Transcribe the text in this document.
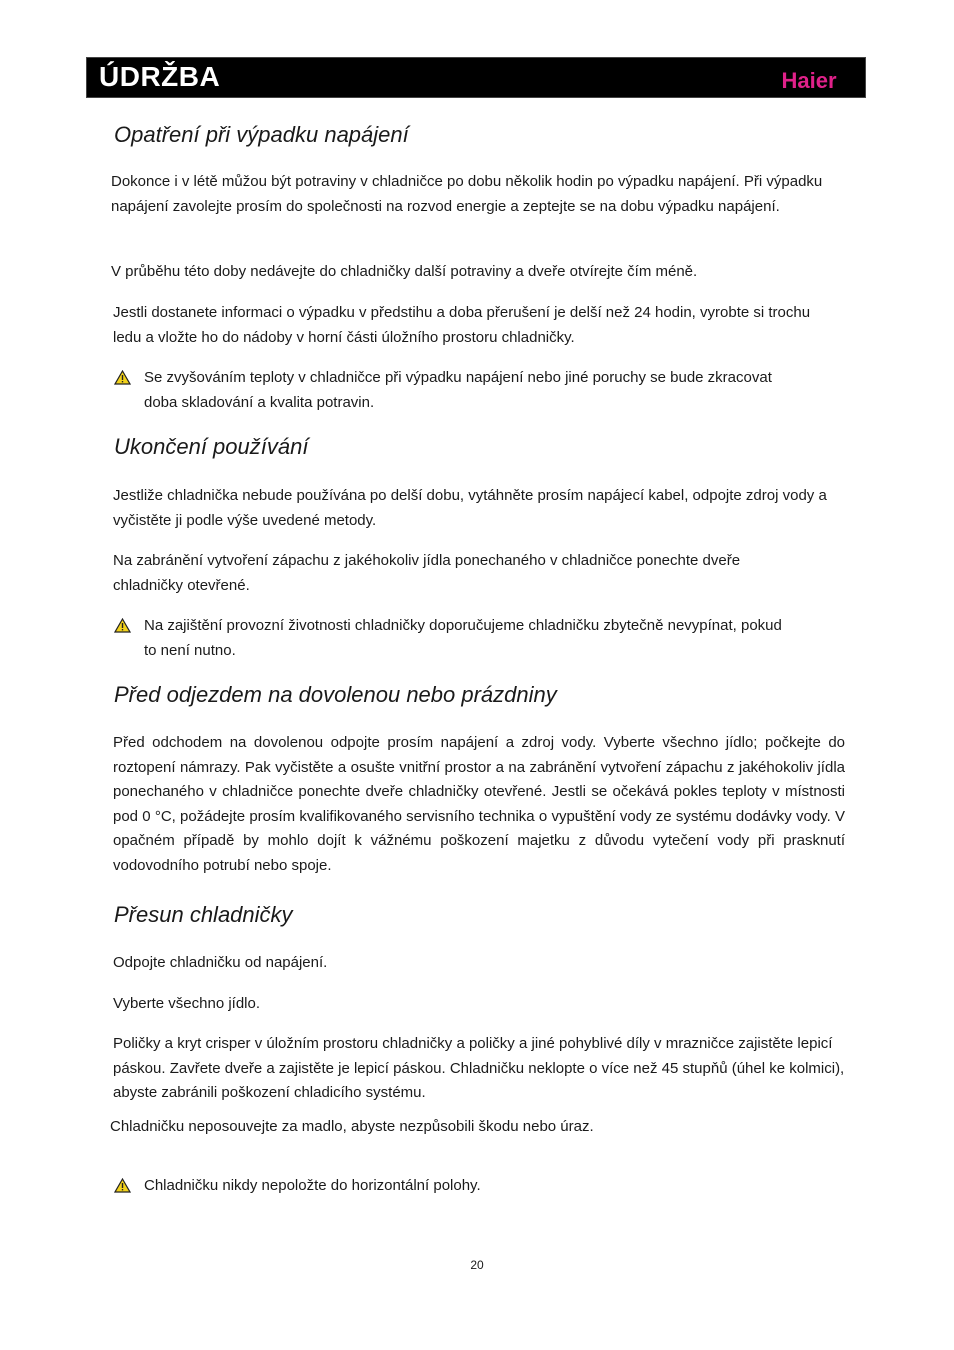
ÚDRŽBA	Haier
Opatření při výpadku napájení

Dokonce i v létě můžou být potraviny v chladničce po dobu několik hodin po výpadku napájení. Při výpadku napájení zavolejte prosím do společnosti na rozvod energie a zeptejte se na dobu výpadku napájení.

V průběhu této doby nedávejte do chladničky další potraviny a dveře otvírejte čím méně.

Jestli dostanete informaci o výpadku v předstihu a doba přerušení je delší než 24 hodin, vyrobte si trochu ledu a vložte ho do nádoby v horní části úložního prostoru chladničky.

Se zvyšováním teploty v chladničce při výpadku napájení nebo jiné poruchy se bude zkracovat doba skladování a kvalita potravin.

Ukončení používání

Jestliže chladnička nebude používána po delší dobu, vytáhněte prosím napájecí kabel, odpojte zdroj vody a vyčistěte ji podle výše uvedené metody.

Na zabránění vytvoření zápachu z jakéhokoliv jídla ponechaného v chladničce ponechte dveře chladničky otevřené.

Na zajištění provozní životnosti chladničky doporučujeme chladničku zbytečně nevypínat, pokud to není nutno.

Před odjezdem na dovolenou nebo prázdniny

Před odchodem na dovolenou odpojte prosím napájení a zdroj vody. Vyberte všechno jídlo; počkejte do roztopení námrazy. Pak vyčistěte a osušte vnitřní prostor a na zabránění vytvoření zápachu z jakéhokoliv jídla ponechaného v chladničce ponechte dveře chladničky otevřené. Jestli se očekává pokles teploty v místnosti pod 0 °C, požádejte prosím kvalifikovaného servisního technika o vypuštění vody ze systému dodávky vody. V opačném případě by mohlo dojít k vážnému poškození majetku z důvodu vytečení vody při prasknutí vodovodního potrubí nebo spoje.

Přesun chladničky

Odpojte chladničku od napájení.

Vyberte všechno jídlo.

Poličky a kryt crisper v úložním prostoru chladničky a poličky a jiné pohyblivé díly v mrazničce zajistěte lepicí páskou. Zavřete dveře a zajistěte je lepicí páskou. Chladničku neklopte o více než 45 stupňů (úhel ke kolmici), abyste zabránili poškození chladicího systému.

Chladničku neposouvejte za madlo, abyste nezpůsobili škodu nebo úraz.

Chladničku nikdy nepoložte do horizontální polohy.

20
